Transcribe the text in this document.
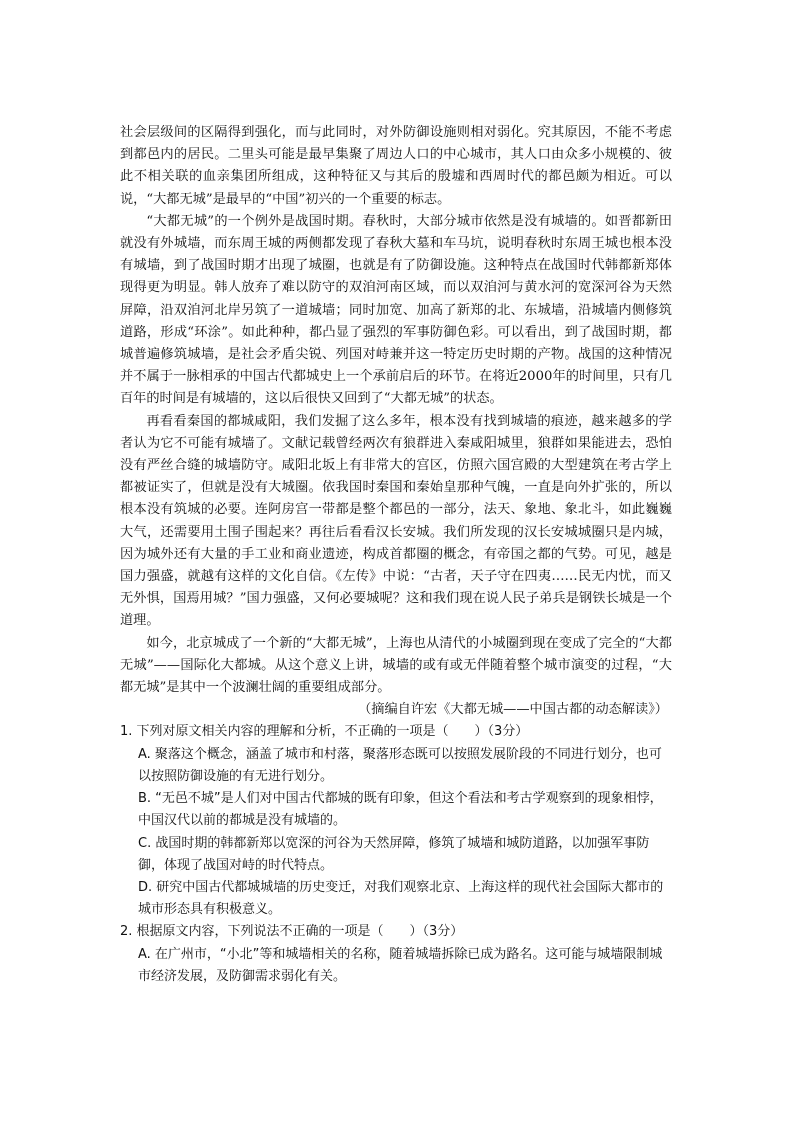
社会层级间的区隔得到强化，而与此同时，对外防御设施则相对弱化。究其原因，不能不考虑到都邑内的居民。二里头可能是最早集聚了周边人口的中心城市，其人口由众多小规模的、彼此不相关联的血亲集团所组成，这种特征又与其后的殷墟和西周时代的都邑颇为相近。可以说，“大都无城”是最早的“中国”初兴的一个重要的标志。

“大都无城”的一个例外是战国时期。春秋时，大部分城市依然是没有城墙的。如晋都新田就没有外城墙，而东周王城的两侧都发现了春秋大墓和车马坑，说明春秋时东周王城也根本没有城墙，到了战国时期才出现了城圈，也就是有了防御设施。这种特点在战国时代韩都新郑体现得更为明显。韩人放弃了难以防守的双洎河南区域，而以双洎河与黄水河的宽深河谷为天然屏障，沿双洎河北岸另筑了一道城墙；同时加宽、加高了新郑的北、东城墙，沿城墙内侧修筑道路，形成“环涂”。如此种种，都凸显了强烈的军事防御色彩。可以看出，到了战国时期，都城普遍修筑城墙，是社会矛盾尖锐、列国对峙兼并这一特定历史时期的产物。战国的这种情况并不属于一脉相承的中国古代都城史上一个承前启后的环节。在将近2000年的时间里，只有几百年的时间是有城墙的，这以后很快又回到了“大都无城”的状态。

再看看秦国的都城咸阳，我们发掘了这么多年，根本没有找到城墙的痕迹，越来越多的学者认为它不可能有城墙了。文献记载曾经两次有狼群进入秦咸阳城里，狼群如果能进去，恐怕没有严丝合缝的城墙防守。咸阳北坂上有非常大的宫区，仿照六国宫殿的大型建筑在考古学上都被证实了，但就是没有大城圈。依我国时秦国和秦始皇那种气魄，一直是向外扩张的，所以根本没有筑城的必要。连阿房宫一带都是整个都邑的一部分，法天、象地、象北斗，如此巍巍大气，还需要用土围子围起来？再往后看看汉长安城。我们所发现的汉长安城城圈只是内城，因为城外还有大量的手工业和商业遗迹，构成首都圈的概念，有帝国之都的气势。可见，越是国力强盛，就越有这样的文化自信。《左传》中说：“古者，天子守在四夷……民无内忧，而又无外惧，国焉用城？”国力强盛，又何必要城呢？这和我们现在说人民子弟兵是钢铁长城是一个道理。

如今，北京城成了一个新的“大都无城”，上海也从清代的小城圈到现在变成了完全的“大都无城”——国际化大都城。从这个意义上讲，城墙的或有或无伴随着整个城市演变的过程，“大都无城”是其中一个波澜壮阔的重要组成部分。

（摘编自许宏《大都无城——中国古都的动态解读》）

1. 下列对原文相关内容的理解和分析，不正确的一项是（　　）（3分）

A. 聚落这个概念，涵盖了城市和村落，聚落形态既可以按照发展阶段的不同进行划分，也可以按照防御设施的有无进行划分。

B. “无邑不城”是人们对中国古代都城的既有印象，但这个看法和考古学观察到的现象相悖，中国汉代以前的都城是没有城墙的。

C. 战国时期的韩都新郑以宽深的河谷为天然屏障，修筑了城墙和城防道路，以加强军事防御，体现了战国对峙的时代特点。

D. 研究中国古代都城城墙的历史变迁，对我们观察北京、上海这样的现代社会国际大都市的城市形态具有积极意义。

2. 根据原文内容，下列说法不正确的一项是（　　）（3分）

A. 在广州市，“小北”等和城墙相关的名称，随着城墙拆除已成为路名。这可能与城墙限制城市经济发展，及防御需求弱化有关。
